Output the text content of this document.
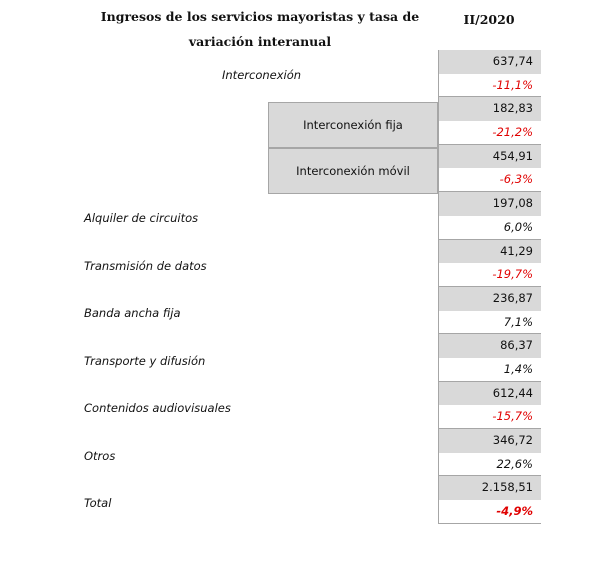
Ingresos de los servicios mayoristas y tasa de variación interanual
II/2020
Interconexión
Interconexión fija
Interconexión móvil
Alquiler de circuitos
Transmisión de datos
Banda ancha fija
Transporte y difusión
Contenidos audiovisuales
Otros
Total
637,74
-11,1%
182,83
-21,2%
454,91
-6,3%
197,08
6,0%
41,29
-19,7%
236,87
7,1%
86,37
1,4%
612,44
-15,7%
346,72
22,6%
2.158,51
-4,9%
